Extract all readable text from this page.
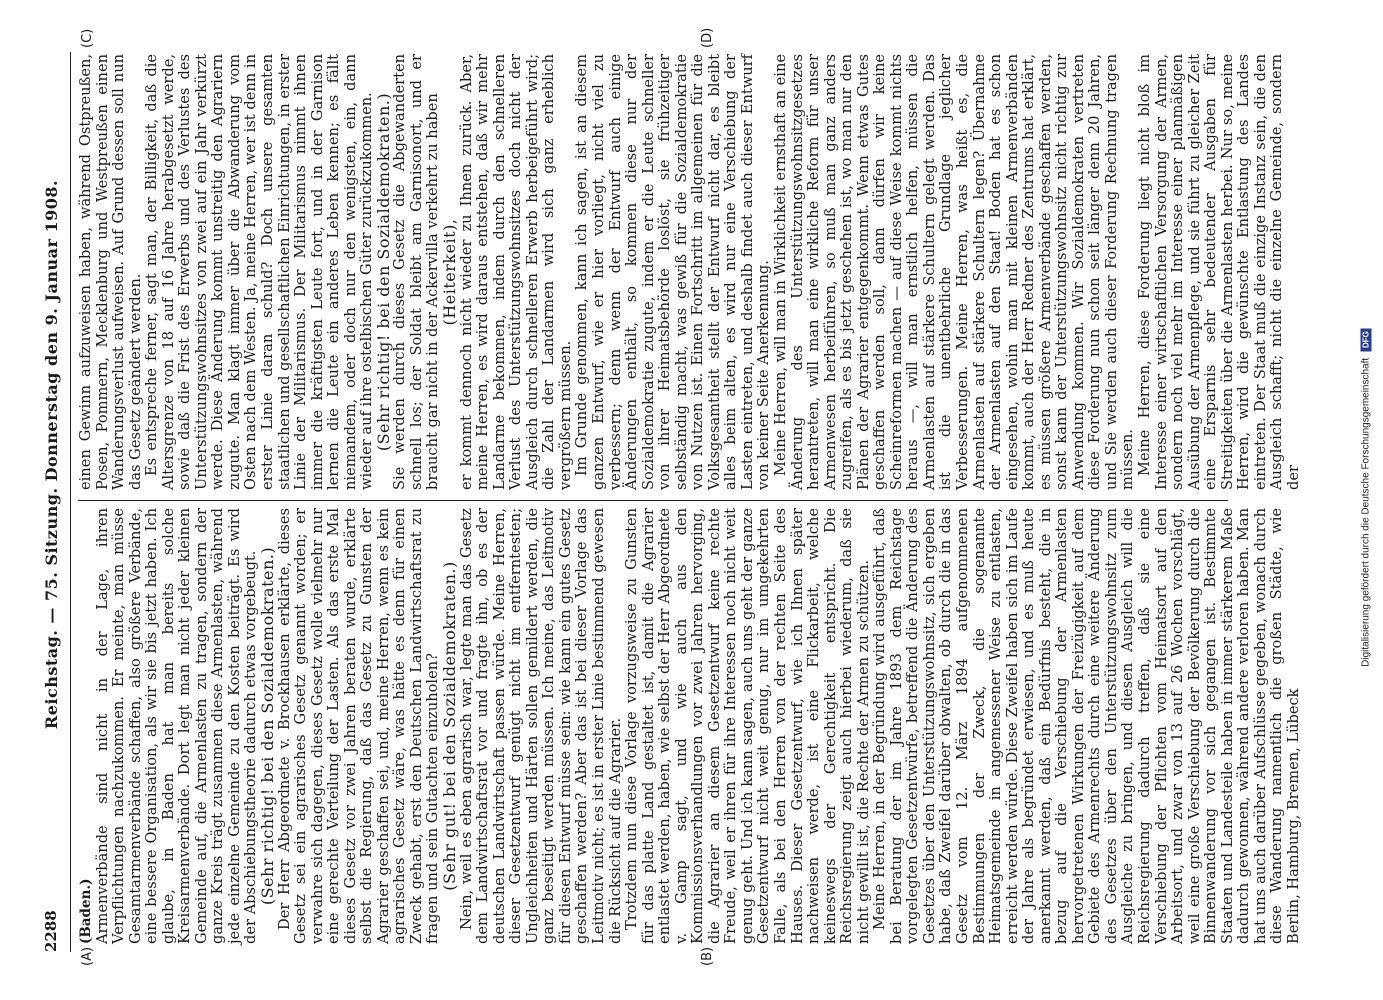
2288
Reichstag. — 75. Sitzung. Donnerstag den 9. Januar 1908.
(A)	(B)
(C)	(D)

(Baden.) Armenverbände sind nicht in der Lage, ihren Verpflichtungen nachzukommen. Er meinte, man müsse Gesamtarmenverbände schaffen, also größere Verbände, eine bessere Organisation, als wir sie bis jetzt haben. Ich glaube, in Baden hat man bereits solche Kreisarmenverbände. Dort legt man nicht jeder kleinen Gemeinde auf, die Armenlasten zu tragen, sondern der ganze Kreis trägt zusammen diese Armenlasten, während jede einzelne Gemeinde zu den Kosten beiträgt. Es wird der Abschiebungstheorie dadurch etwas vorgebeugt.

(Sehr richtig! bei den Sozialdemokraten.)

Der Herr Abgeordnete v. Brockhausen erklärte, dieses Gesetz sei ein agrarisches Gesetz genannt worden; er verwahre sich dagegen, dieses Gesetz wolle vielmehr nur eine gerechte Verteilung der Lasten. Als das erste Mal dieses Gesetz vor zwei Jahren beraten wurde, erklärte selbst die Regierung, daß das Gesetz zu Gunsten der Agrarier geschaffen sei, und, meine Herren, wenn es kein agrarisches Gesetz wäre, was hätte es denn für einen Zweck gehabt, erst den Deutschen Landwirtschaftsrat zu fragen und sein Gutachten einzuholen?

(Sehr gut! bei den Sozialdemokraten.)

Nein, weil es eben agrarisch war, legte man das Gesetz dem Landwirtschaftsrat vor und fragte ihn, ob es der deutschen Landwirtschaft passen würde. Meine Herren, dieser Gesetzentwurf genügt nicht im entferntesten; Ungleichheiten und Härten sollen gemildert werden, die ganz beseitigt werden müssen. Ich meine, das Leitmotiv für diesen Entwurf müsse sein: wie kann ein gutes Gesetz geschaffen werden? Aber das ist bei dieser Vorlage das Leitmotiv nicht; es ist in erster Linie bestimmend gewesen die Rücksicht auf die Agrarier. Trotzdem nun diese Vorlage vorzugsweise zu Gunsten für das platte Land gestaltet ist, damit die Agrarier entlastet werden, haben, wie selbst der Herr Abgeordnete v. Gamp sagt, und wie auch aus den Kommissionsverhandlungen vor zwei Jahren hervorging, die Agrarier an diesem Gesetzentwurf keine rechte Freude, weil er ihren für ihre Interessen noch nicht weit genug geht. Und ich kann sagen, auch uns geht der ganze Gesetzentwurf nicht weit genug, nur im umgekehrten Falle, als bei den Herren von der rechten Seite des Hauses. Dieser Gesetzentwurf, wie ich Ihnen später nachweisen werde, ist eine Flickarbeit, welche keineswegs der Gerechtigkeit entspricht. Die Reichsregierung zeigt auch hierbei wiederum, daß sie nicht gewillt ist, die Rechte der Armen zu schützen. Meine Herren, in der Begründung wird ausgeführt, daß bei Beratung der im Jahre 1893 dem Reichstage vorgelegten Gesetzentwürfe, betreffend die Änderung des Gesetzes über den Unterstützungswohnsitz, sich ergeben habe, daß Zweifel darüber obwalten, ob durch die in das Gesetz vom 12. März 1894 aufgenommenen Bestimmungen der Zweck, die sogenannte Heimatsgemeinde in angemessener Weise zu entlasten, erreicht werden würde. Diese Zweifel haben sich im Laufe der Jahre als begründet erwiesen, und es muß heute anerkannt werden, daß ein Bedürfnis besteht, die in bezug auf die Verschiebung der Armenlasten hervorgetretenen Wirkungen der Freizügigkeit auf dem Gebiete des Armenrechts durch eine weitere Änderung des Gesetzes über den Unterstützungswohnsitz zum Ausgleiche zu bringen, und diesen Ausgleich will die Reichsregierung dadurch treffen, daß sie eine Verschiebung der Pflichten vom Heimatsort auf den Arbeitsort, und zwar von 13 auf 26 Wochen vorschlägt, weil eine große Verschiebung der Bevölkerung durch die Binnenwanderung vor sich gegangen ist. Bestimmte Staaten und Landesteile haben in immer stärkerem Maße dadurch gewonnen, während andere verloren haben. Man hat uns auch darüber Aufschlüsse gegeben, wonach durch diese Wanderung namentlich die großen Städte, wie Berlin, Hamburg, Bremen, Lübeck

einen Gewinn aufzuweisen haben, während Ostpreußen, Posen, Pommern, Mecklenburg und Westpreußen einen Wanderungsverlust aufweisen. Auf Grund dessen soll nun das Gesetz geändert werden. Es entspreche ferner, sagt man, der Billigkeit, daß die Altersgrenze von 18 auf 16 Jahre herabgesetzt werde, sowie daß die Frist des Erwerbs und des Verlustes des Unterstützungswohnsitzes von zwei auf ein Jahr verkürzt werde. Diese Änderung kommt unstreitig den Agrariern zugute. Man klagt immer über die Abwanderung vom Osten nach dem Westen. Ja, meine Herren, wer ist denn in erster Linie daran schuld? Doch unsere gesamten staatlichen und gesellschaftlichen Einrichtungen, in erster Linie der Militarismus. Der Militarismus nimmt ihnen immer die kräftigsten Leute fort, und in der Garnison lernen die Leute ein anderes Leben kennen; es fällt niemandem, oder doch nur den wenigsten, ein, dann wieder auf ihre ostelbischen Güter zurückzukommen.

(Sehr richtig! bei den Sozialdemokraten.)

Sie werden durch dieses Gesetz die Abgewanderten schnell los; der Soldat bleibt am Garnisonort, und er braucht gar nicht in der Ackervilla verkehrt zu haben

(Heiterkeit),

er kommt dennoch nicht wieder zu Ihnen zurück. Aber, meine Herren, es wird daraus entstehen, daß wir mehr Landarme bekommen, indem durch den schnelleren Verlust des Unterstützungswohnsitzes doch nicht der Ausgleich durch schnelleren Erwerb herbeigeführt wird; die Zahl der Landarmen wird sich ganz erheblich vergrößern müssen. Im Grunde genommen, kann ich sagen, ist an diesem ganzen Entwurf, wie er hier vorliegt, nicht viel zu verbessern; denn wenn der Entwurf auch einige Änderungen enthält, so kommen diese nur der Sozialdemokratie zugute, indem er die Leute schneller von ihrer Heimatsbehörde loslöst, sie frühzeitiger selbständig macht, was gewiß für die Sozialdemokratie von Nutzen ist. Einen Fortschritt im allgemeinen für die Volksgesamtheit stellt der Entwurf nicht dar, es bleibt alles beim alten, es wird nur eine Verschiebung der Lasten eintreten, und deshalb findet auch dieser Entwurf von keiner Seite Anerkennung. Meine Herren, will man in Wirklichkeit ernsthaft an eine Änderung des Unterstützungswohnsitzgesetzes herantreten, will man eine wirkliche Reform für unser Armenwesen herbeiführen, so muß man ganz anders zugreifen, als es bis jetzt geschehen ist, wo man nur den Plänen der Agrarier entgegenkommt. Wenn etwas Gutes geschaffen werden soll, dann dürfen wir keine Scheinreformen machen — auf diese Weise kommt nichts heraus —, will man ernstlich helfen, müssen die Armenlasten auf stärkere Schultern gelegt werden. Das ist die unentbehrliche Grundlage jeglicher Verbesserungen. Meine Herren, was heißt es, die Armenlasten auf stärkere Schultern legen? Übernahme der Armenlasten auf den Staat! Boden hat es schon eingesehen, wohin man mit kleinen Armenverbänden kommt, auch der Herr Redner des Zentrums hat erklärt, es müssen größere Armenverbände geschaffen werden, sonst kann der Unterstützungswohnsitz nicht richtig zur Anwendung kommen. Wir Sozialdemokraten vertreten diese Forderung nun schon seit länger denn 20 Jahren, und Sie werden auch dieser Forderung Rechnung tragen müssen. Meine Herren, diese Forderung liegt nicht bloß im Interesse einer wirtschaftlichen Versorgung der Armen, sondern noch viel mehr im Interesse einer planmäßigen Ausübung der Armenpflege, und sie führt zu gleicher Zeit eine Ersparnis sehr bedeutender Ausgaben für Streitigkeiten über die Armenlasten herbei. Nur so, meine Herren, wird die gewünschte Entlastung des Landes eintreten. Der Staat muß die einzige Instanz sein, die den Ausgleich schafft; nicht die einzelne Gemeinde, sondern der	Digitalisierung gefördert durch die Deutsche Forschungsgemeinschaft DFG
